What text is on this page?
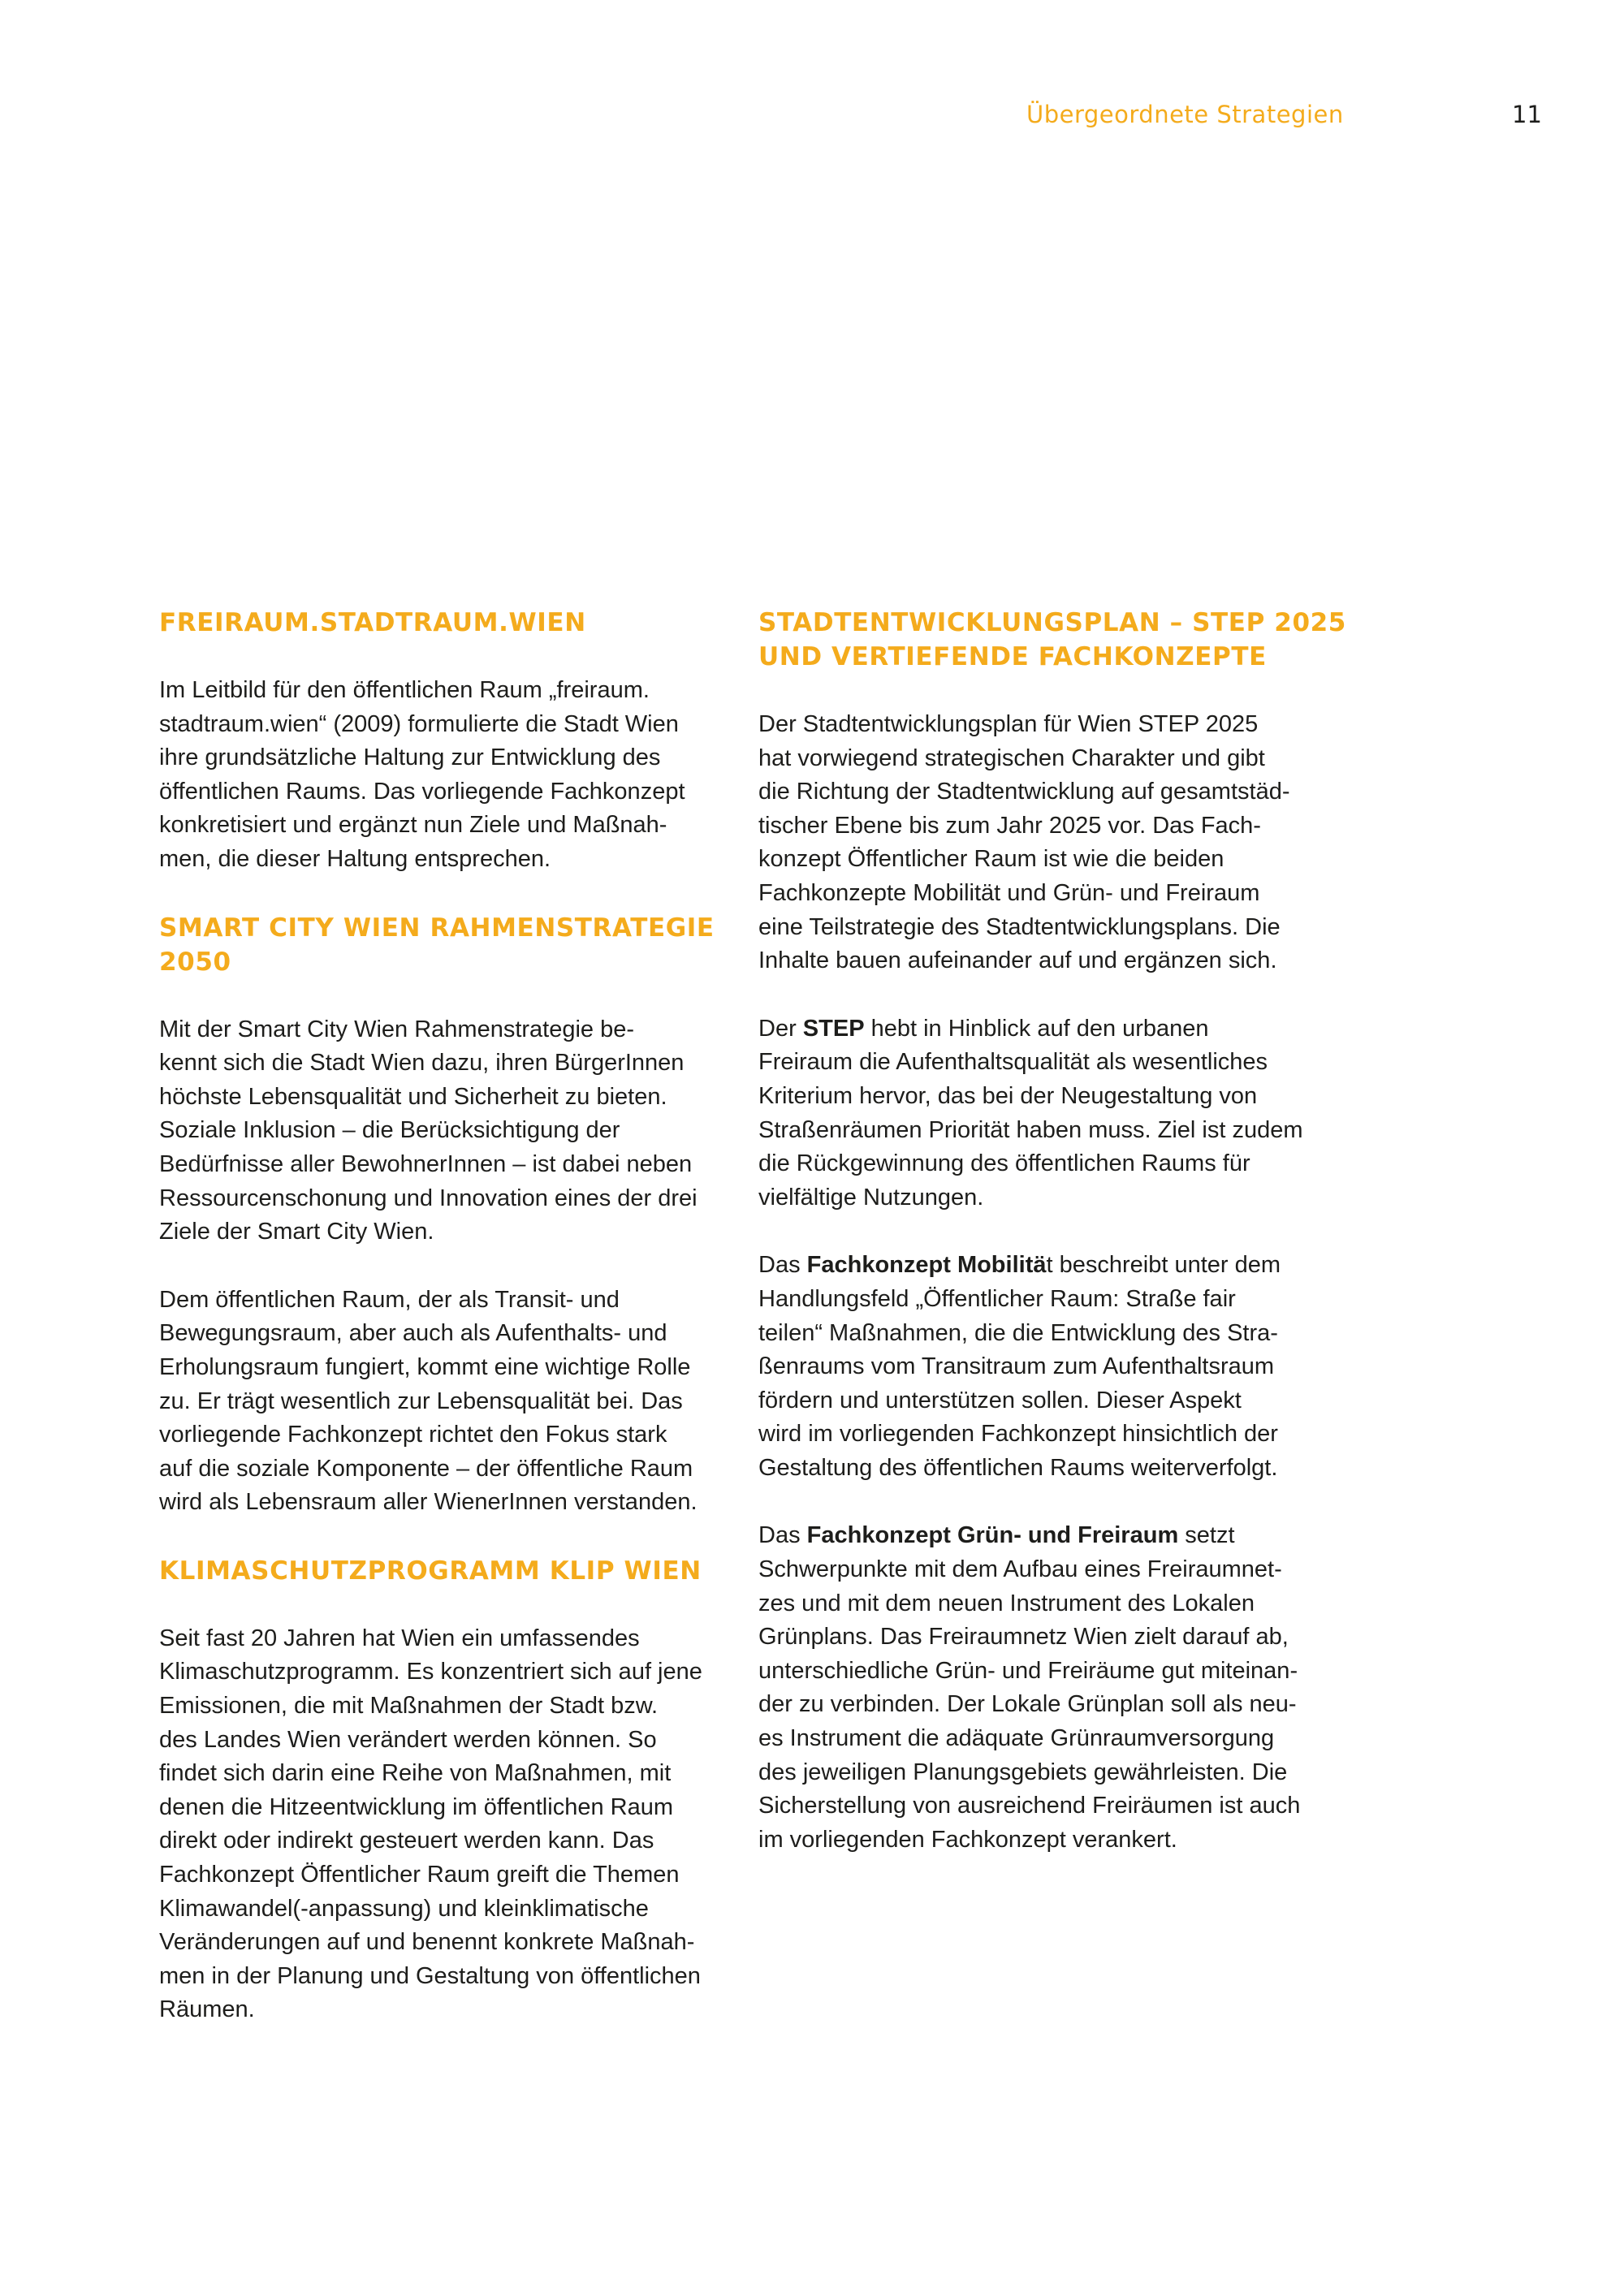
Übergeordnete Strategien	11
FREIRAUM.STADTRAUM.WIEN

Im Leitbild für den öffentlichen Raum „freiraum.
stadtraum.wien“ (2009) formulierte die Stadt Wien
ihre grundsätzliche Haltung zur Entwicklung des
öffentlichen Raums. Das vorliegende Fachkonzept
konkretisiert und ergänzt nun Ziele und Maßnah-
men, die dieser Haltung entsprechen.

SMART CITY WIEN RAHMENSTRATEGIE
2050

Mit der Smart City Wien Rahmenstrategie be-
kennt sich die Stadt Wien dazu, ihren BürgerInnen
höchste Lebensqualität und Sicherheit zu bieten.
Soziale Inklusion – die Berücksichtigung der
Bedürfnisse aller BewohnerInnen – ist dabei neben
Ressourcenschonung und Innovation eines der drei
Ziele der Smart City Wien.

Dem öffentlichen Raum, der als Transit- und
Bewegungsraum, aber auch als Aufenthalts- und
Erholungsraum fungiert, kommt eine wichtige Rolle
zu. Er trägt wesentlich zur Lebensqualität bei. Das
vorliegende Fachkonzept richtet den Fokus stark
auf die soziale Komponente – der öffentliche Raum
wird als Lebensraum aller WienerInnen verstanden.

KLIMASCHUTZPROGRAMM KLIP WIEN

Seit fast 20 Jahren hat Wien ein umfassendes
Klimaschutzprogramm. Es konzentriert sich auf jene
Emissionen, die mit Maßnahmen der Stadt bzw.
des Landes Wien verändert werden können. So
findet sich darin eine Reihe von Maßnahmen, mit
denen die Hitzeentwicklung im öffentlichen Raum
direkt oder indirekt gesteuert werden kann. Das
Fachkonzept Öffentlicher Raum greift die Themen
Klimawandel(-anpassung) und kleinklimatische
Veränderungen auf und benennt konkrete Maßnah-
men in der Planung und Gestaltung von öffentlichen
Räumen.

STADTENTWICKLUNGSPLAN – STEP 2025
UND VERTIEFENDE FACHKONZEPTE

Der Stadtentwicklungsplan für Wien STEP 2025
hat vorwiegend strategischen Charakter und gibt
die Richtung der Stadtentwicklung auf gesamtstäd-
tischer Ebene bis zum Jahr 2025 vor. Das Fach-
konzept Öffentlicher Raum ist wie die beiden
Fachkonzepte Mobilität und Grün- und Freiraum
eine Teilstrategie des Stadtentwicklungsplans. Die
Inhalte bauen aufeinander auf und ergänzen sich.

Der STEP hebt in Hinblick auf den urbanen
Freiraum die Aufenthaltsqualität als wesentliches
Kriterium hervor, das bei der Neugestaltung von
Straßenräumen Priorität haben muss. Ziel ist zudem
die Rückgewinnung des öffentlichen Raums für
vielfältige Nutzungen.

Das Fachkonzept Mobilität beschreibt unter dem
Handlungsfeld „Öffentlicher Raum: Straße fair
teilen“ Maßnahmen, die die Entwicklung des Stra-
ßenraums vom Transitraum zum Aufenthaltsraum
fördern und unterstützen sollen. Dieser Aspekt
wird im vorliegenden Fachkonzept hinsichtlich der
Gestaltung des öffentlichen Raums weiterverfolgt.

Das Fachkonzept Grün- und Freiraum setzt
Schwerpunkte mit dem Aufbau eines Freiraumnet-
zes und mit dem neuen Instrument des Lokalen
Grünplans. Das Freiraumnetz Wien zielt darauf ab,
unterschiedliche Grün- und Freiräume gut miteinan-
der zu verbinden. Der Lokale Grünplan soll als neu-
es Instrument die adäquate Grünraumversorgung
des jeweiligen Planungsgebiets gewährleisten. Die
Sicherstellung von ausreichend Freiräumen ist auch
im vorliegenden Fachkonzept verankert.
